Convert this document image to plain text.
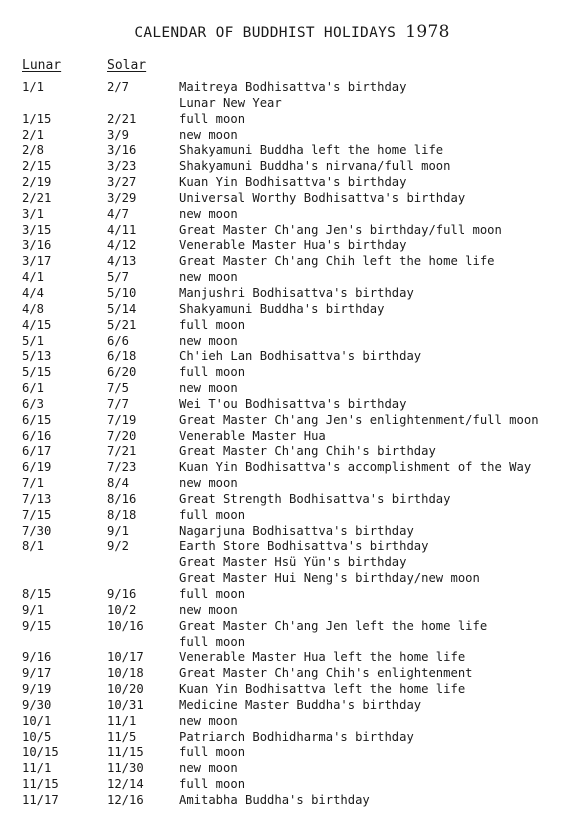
CALENDAR OF BUDDHIST HOLIDAYS 1978
Lunar	Solar
1/1	2/7	Maitreya Bodhisattva's birthday
Lunar New Year
1/15	2/21	full moon
2/1	3/9	new moon
2/8	3/16	Shakyamuni Buddha left the home life
2/15	3/23	Shakyamuni Buddha's nirvana/full moon
2/19	3/27	Kuan Yin Bodhisattva's birthday
2/21	3/29	Universal Worthy Bodhisattva's birthday
3/1	4/7	new moon
3/15	4/11	Great Master Ch'ang Jen's birthday/full moon
3/16	4/12	Venerable Master Hua's birthday
3/17	4/13	Great Master Ch'ang Chih left the home life
4/1	5/7	new moon
4/4	5/10	Manjushri Bodhisattva's birthday
4/8	5/14	Shakyamuni Buddha's birthday
4/15	5/21	full moon
5/1	6/6	new moon
5/13	6/18	Ch'ieh Lan Bodhisattva's birthday
5/15	6/20	full moon
6/1	7/5	new moon
6/3	7/7	Wei T'ou Bodhisattva's birthday
6/15	7/19	Great Master Ch'ang Jen's enlightenment/full moon
6/16	7/20	Venerable Master Hua
6/17	7/21	Great Master Ch'ang Chih's birthday
6/19	7/23	Kuan Yin Bodhisattva's accomplishment of the Way
7/1	8/4	new moon
7/13	8/16	Great Strength Bodhisattva's birthday
7/15	8/18	full moon
7/30	9/1	Nagarjuna Bodhisattva's birthday
8/1	9/2	Earth Store Bodhisattva's birthday
Great Master Hsü Yün's birthday
Great Master Hui Neng's birthday/new moon
8/15	9/16	full moon
9/1	10/2	new moon
9/15	10/16	Great Master Ch'ang Jen left the home life
full moon
9/16	10/17	Venerable Master Hua left the home life
9/17	10/18	Great Master Ch'ang Chih's enlightenment
9/19	10/20	Kuan Yin Bodhisattva left the home life
9/30	10/31	Medicine Master Buddha's birthday
10/1	11/1	new moon
10/5	11/5	Patriarch Bodhidharma's birthday
10/15	11/15	full moon
11/1	11/30	new moon
11/15	12/14	full moon
11/17	12/16	Amitabha Buddha's birthday
